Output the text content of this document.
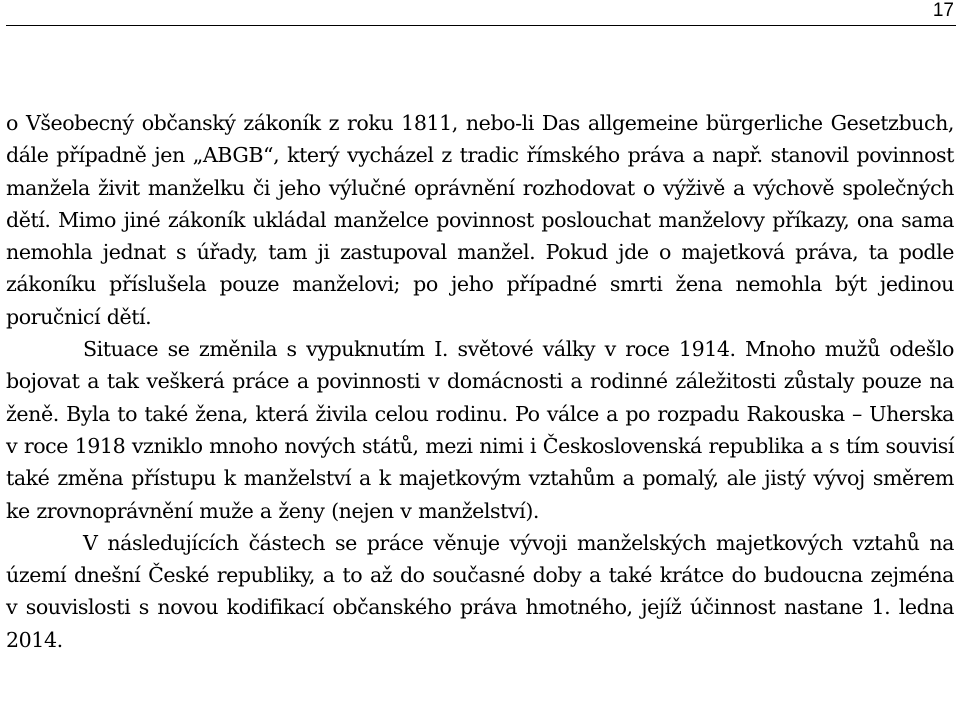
17

o Všeobecný občanský zákoník z roku 1811, nebo-li Das allgemeine bürgerliche Gesetzbuch, dále případně jen „ABGB“, který vycházel z tradic římského práva a např. stanovil povinnost manžela živit manželku či jeho výlučné oprávnění rozhodovat o výživě a výchově společných dětí. Mimo jiné zákoník ukládal manželce povinnost poslouchat manželovy příkazy, ona sama nemohla jednat s úřady, tam ji zastupoval manžel. Pokud jde o majetková práva, ta podle zákoníku příslušela pouze manželovi; po jeho případné smrti žena nemohla být jedinou poručnicí dětí.

Situace se změnila s vypuknutím I. světové války v roce 1914. Mnoho mužů odešlo bojovat a tak veškerá práce a povinnosti v domácnosti a rodinné záležitosti zůstaly pouze na ženě. Byla to také žena, která živila celou rodinu. Po válce a po rozpadu Rakouska – Uherska v roce 1918 vzniklo mnoho nových států, mezi nimi i Československá republika a s tím souvisí také změna přístupu k manželství a k majetkovým vztahům a pomalý, ale jistý vývoj směrem ke zrovnoprávnění muže a ženy (nejen v manželství).

V následujících částech se práce věnuje vývoji manželských majetkových vztahů na území dnešní České republiky, a to až do současné doby a také krátce do budoucna zejména v souvislosti s novou kodifikací občanského práva hmotného, jejíž účinnost nastane 1. ledna 2014.
